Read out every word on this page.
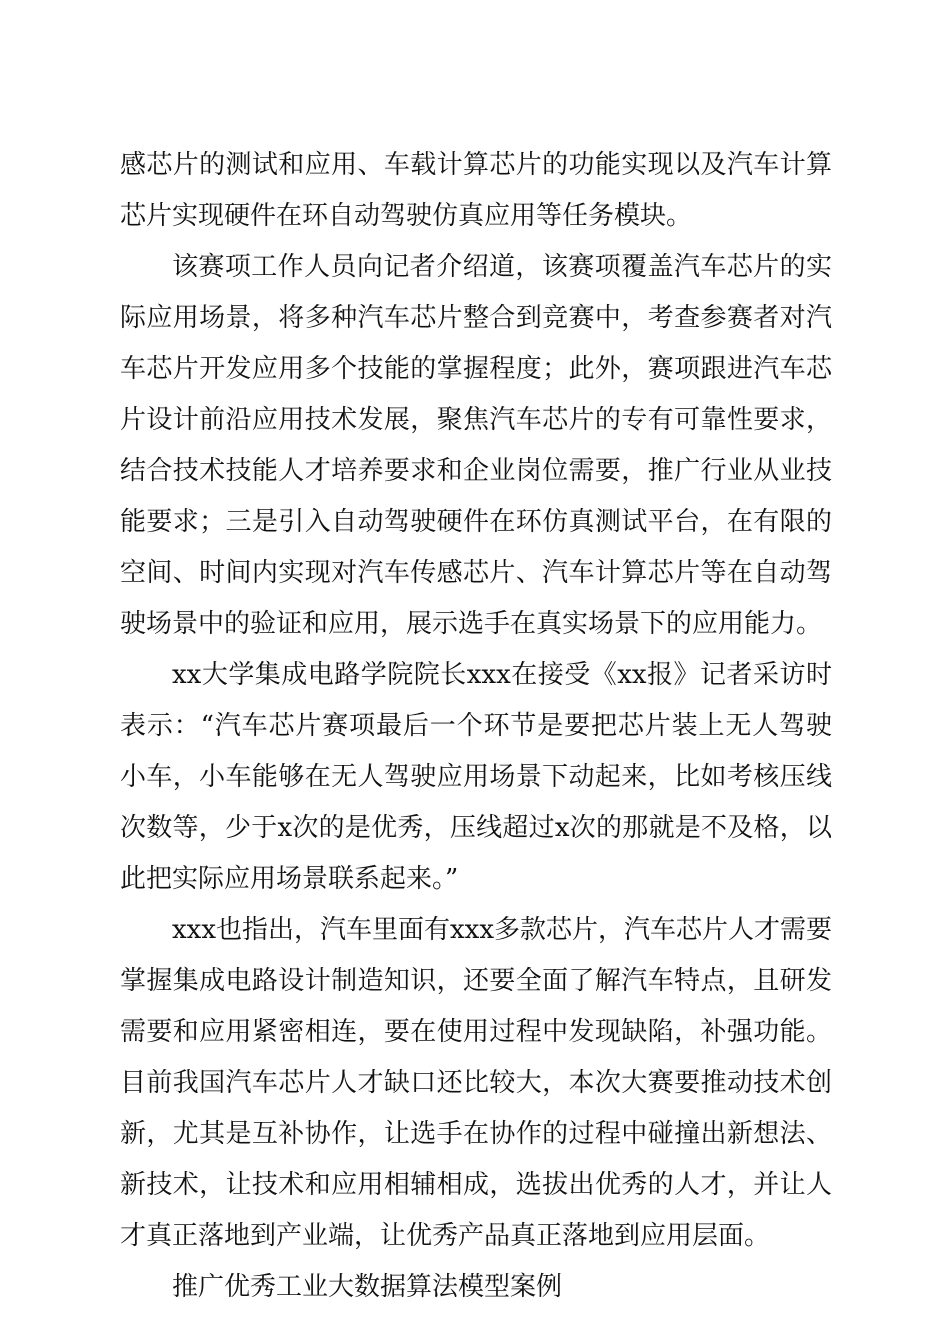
感芯片的测试和应用、车载计算芯片的功能实现以及汽车计算芯片实现硬件在环自动驾驶仿真应用等任务模块。

该赛项工作人员向记者介绍道，该赛项覆盖汽车芯片的实际应用场景，将多种汽车芯片整合到竞赛中，考查参赛者对汽车芯片开发应用多个技能的掌握程度；此外，赛项跟进汽车芯片设计前沿应用技术发展，聚焦汽车芯片的专有可靠性要求，结合技术技能人才培养要求和企业岗位需要，推广行业从业技能要求；三是引入自动驾驶硬件在环仿真测试平台，在有限的空间、时间内实现对汽车传感芯片、汽车计算芯片等在自动驾驶场景中的验证和应用，展示选手在真实场景下的应用能力。

xx大学集成电路学院院长xxx在接受《xx报》记者采访时表示：“汽车芯片赛项最后一个环节是要把芯片装上无人驾驶小车，小车能够在无人驾驶应用场景下动起来，比如考核压线次数等，少于x次的是优秀，压线超过x次的那就是不及格，以此把实际应用场景联系起来。”

xxx也指出，汽车里面有xxx多款芯片，汽车芯片人才需要掌握集成电路设计制造知识，还要全面了解汽车特点，且研发需要和应用紧密相连，要在使用过程中发现缺陷，补强功能。目前我国汽车芯片人才缺口还比较大，本次大赛要推动技术创新，尤其是互补协作，让选手在协作的过程中碰撞出新想法、新技术，让技术和应用相辅相成，选拔出优秀的人才，并让人才真正落地到产业端，让优秀产品真正落地到应用层面。

推广优秀工业大数据算法模型案例
